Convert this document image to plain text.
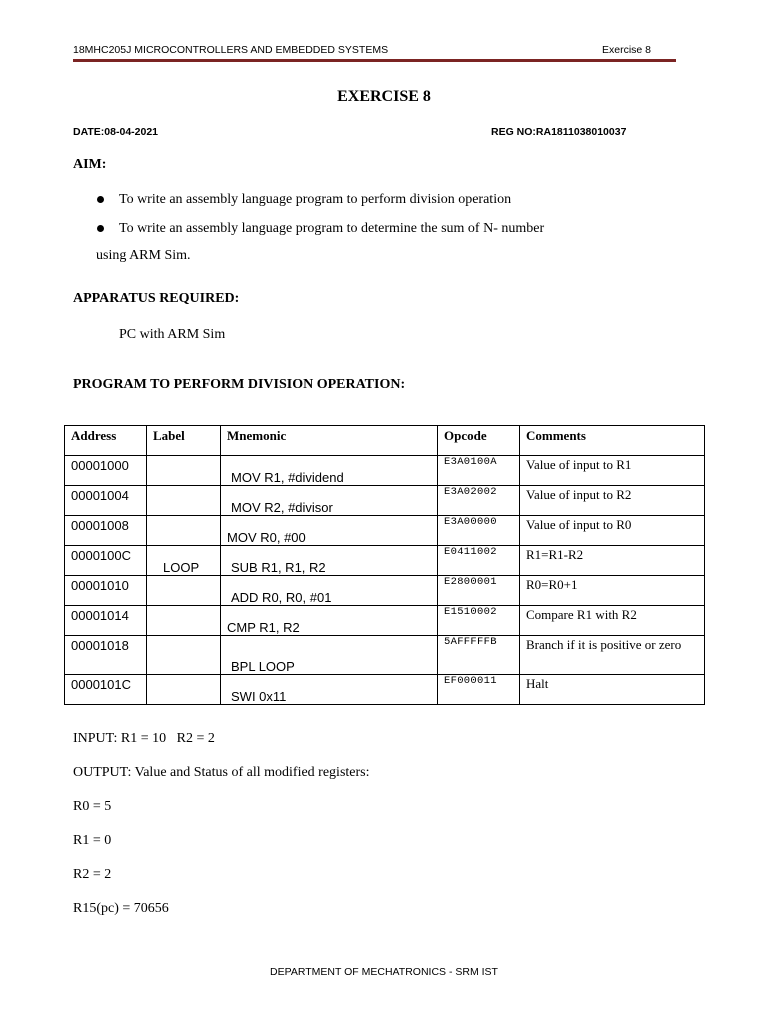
18MHC205J MICROCONTROLLERS AND EMBEDDED SYSTEMS	Exercise 8
EXERCISE 8
DATE:08-04-2021	REG NO:RA1811038010037
AIM:
To write an assembly language program to perform division operation
To write an assembly language program to determine the sum of N- number
using ARM Sim.
APPARATUS REQUIRED:
PC with ARM Sim
PROGRAM TO PERFORM DIVISION OPERATION:
Address	Label	Mnemonic	Opcode	Comments
00001000		MOV R1, #dividend	E3A0100A	Value of input to R1
00001004		MOV R2, #divisor	E3A02002	Value of input to R2
00001008		MOV R0, #00	E3A00000	Value of input to R0
0000100C	LOOP	SUB R1, R1, R2	E0411002	R1=R1-R2
00001010		ADD R0, R0, #01	E2800001	R0=R0+1
00001014		CMP R1, R2	E1510002	Compare R1 with R2
00001018		BPL LOOP	5AFFFFFB	Branch if it is positive or zero
0000101C		SWI 0x11	EF000011	Halt
INPUT: R1 = 10   R2 = 2
OUTPUT: Value and Status of all modified registers:
R0 = 5
R1 = 0
R2 = 2
R15(pc) = 70656
DEPARTMENT OF MECHATRONICS - SRM IST
